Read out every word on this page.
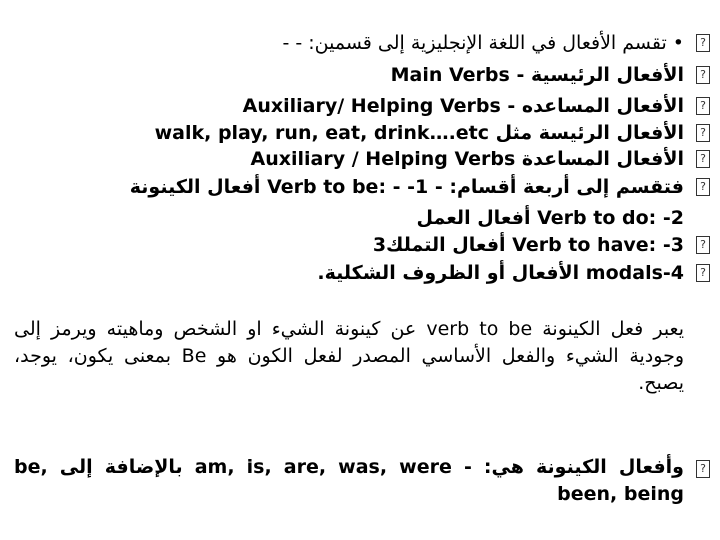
?
• تقسم الأفعال في اللغة الإنجليزية إلى قسمين: - -
?
الأفعال الرئيسية - Main Verbs
?
الأفعال المساعده - Auxiliary/ Helping Verbs
?
الأفعال الرئيسة مثل walk, play, run, eat, drink….etc
?
الأفعال المساعدة Auxiliary / Helping Verbs
?
فتقسم إلى أربعة أقسام: - 1- - :Verb to be أفعال الكينونة
Verb to do: -2 أفعال العمل
?
Verb to have: -3 أفعال التملك3
?
modals-4 الأفعال أو الظروف الشكلية.
يعبر فعل الكينونة verb to be عن كينونة الشيء او الشخص وماهيته ويرمز إلى وجودية الشيء والفعل الأساسي المصدر لفعل الكون هو Be بمعنى يكون، يوجد، يصبح.
?
وأفعال الكينونة هي: - am, is, are, was, were بالإضافة إلى be, been, being
